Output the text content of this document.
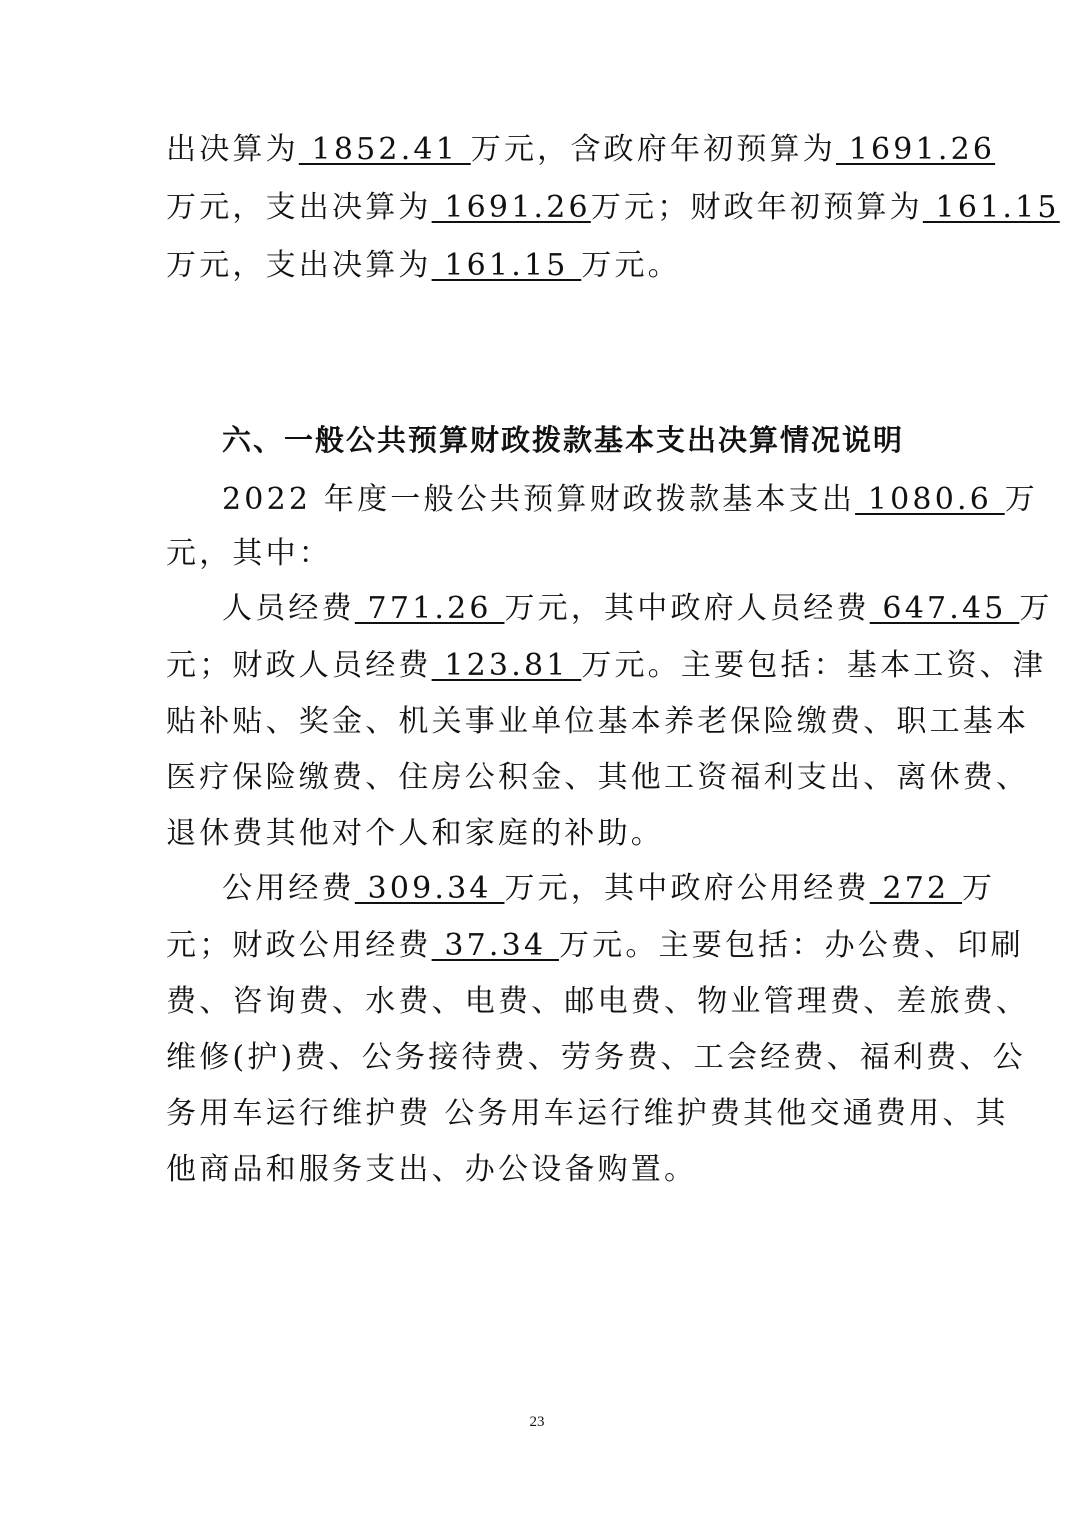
出决算为 1852.41 万元，含政府年初预算为 1691.26
万元，支出决算为 1691.26万元；财政年初预算为 161.15
万元，支出决算为 161.15 万元。
六、一般公共预算财政拨款基本支出决算情况说明
2022 年度一般公共预算财政拨款基本支出 1080.6 万
元，其中：
人员经费 771.26 万元，其中政府人员经费 647.45 万
元；财政人员经费 123.81 万元。主要包括：基本工资、津
贴补贴、奖金、机关事业单位基本养老保险缴费、职工基本
医疗保险缴费、住房公积金、其他工资福利支出、离休费、
退休费其他对个人和家庭的补助。
公用经费 309.34 万元，其中政府公用经费 272 万
元；财政公用经费 37.34 万元。主要包括：办公费、印刷
费、咨询费、水费、电费、邮电费、物业管理费、差旅费、
维修(护)费、公务接待费、劳务费、工会经费、福利费、公
务用车运行维护费 公务用车运行维护费其他交通费用、其
他商品和服务支出、办公设备购置。
23
